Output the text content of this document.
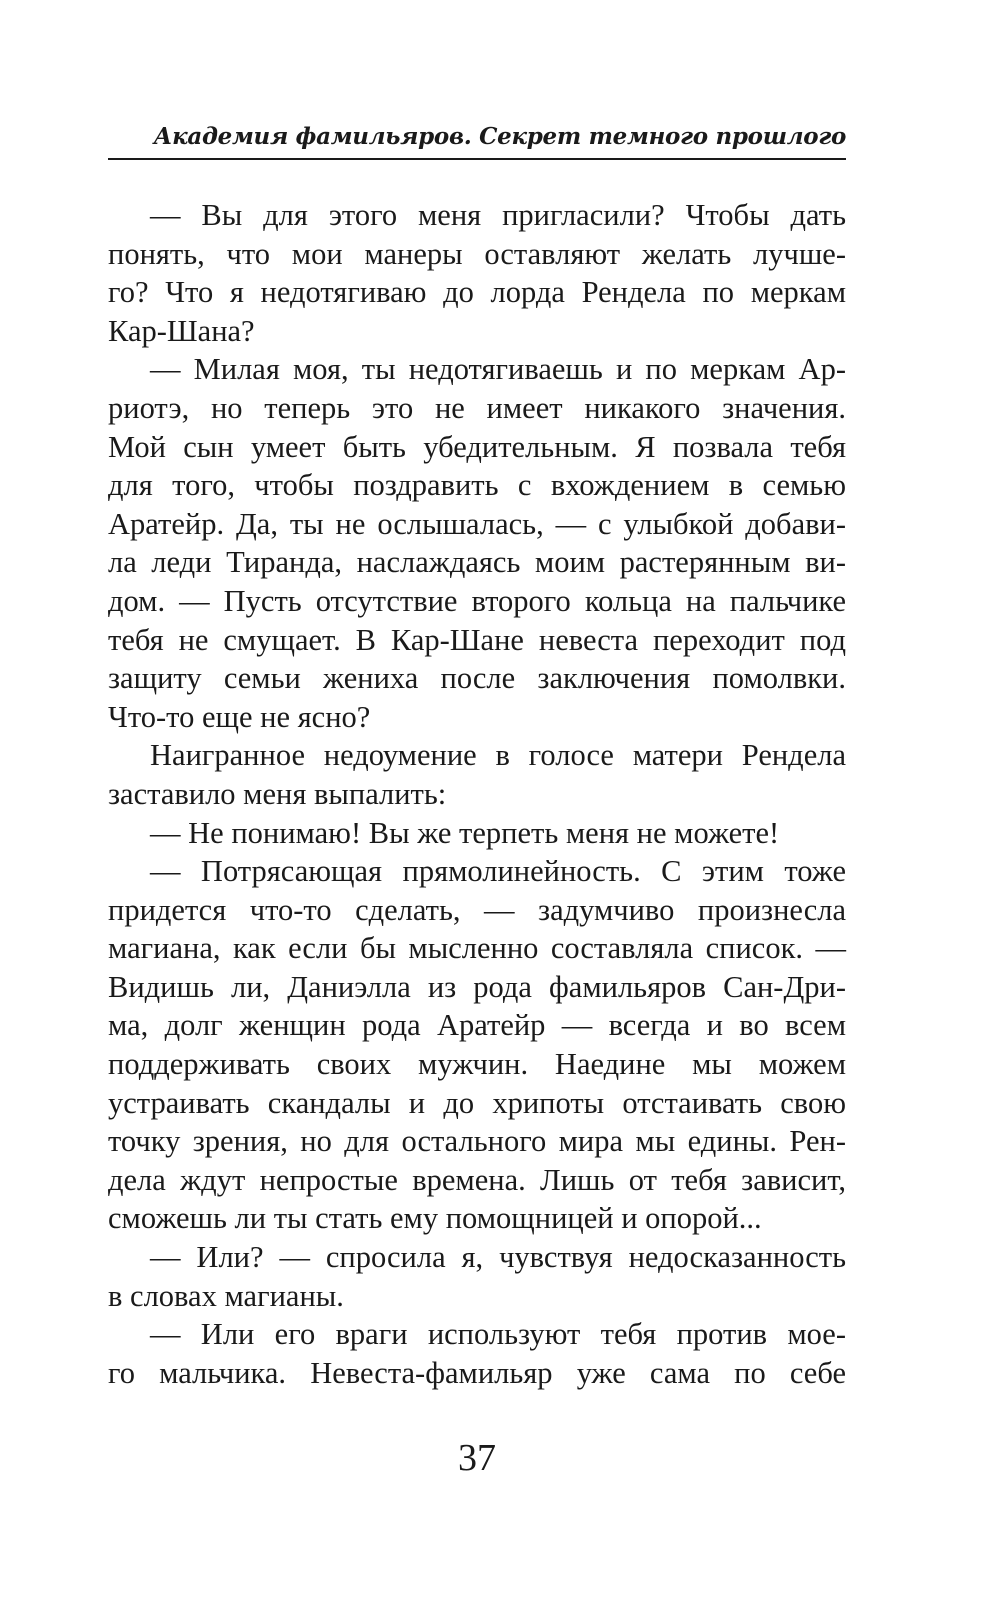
Академия фамильяров. Секрет темного прошлого
— Вы для этого меня пригласили? Чтобы дать
понять, что мои манеры оставляют желать лучше-
го? Что я недотягиваю до лорда Рендела по меркам
Кар-Шана?
— Милая моя, ты недотягиваешь и по меркам Ар-
риотэ, но теперь это не имеет никакого значения.
Мой сын умеет быть убедительным. Я позвала тебя
для того, чтобы поздравить с вхождением в семью
Аратейр. Да, ты не ослышалась, — с улыбкой добави-
ла леди Тиранда, наслаждаясь моим растерянным ви-
дом. — Пусть отсутствие второго кольца на пальчике
тебя не смущает. В Кар-Шане невеста переходит под
защиту семьи жениха после заключения помолвки.
Что-то еще не ясно?
Наигранное недоумение в голосе матери Рендела
заставило меня выпалить:
— Не понимаю! Вы же терпеть меня не можете!
— Потрясающая прямолинейность. С этим тоже
придется что-то сделать, — задумчиво произнесла
магиана, как если бы мысленно составляла список. —
Видишь ли, Даниэлла из рода фамильяров Сан-Дри-
ма, долг женщин рода Аратейр — всегда и во всем
поддерживать своих мужчин. Наедине мы можем
устраивать скандалы и до хрипоты отстаивать свою
точку зрения, но для остального мира мы едины. Рен-
дела ждут непростые времена. Лишь от тебя зависит,
сможешь ли ты стать ему помощницей и опорой...
— Или? — спросила я, чувствуя недосказанность
в словах магианы.
— Или его враги используют тебя против мое-
го мальчика. Невеста-фамильяр уже сама по себе
37
